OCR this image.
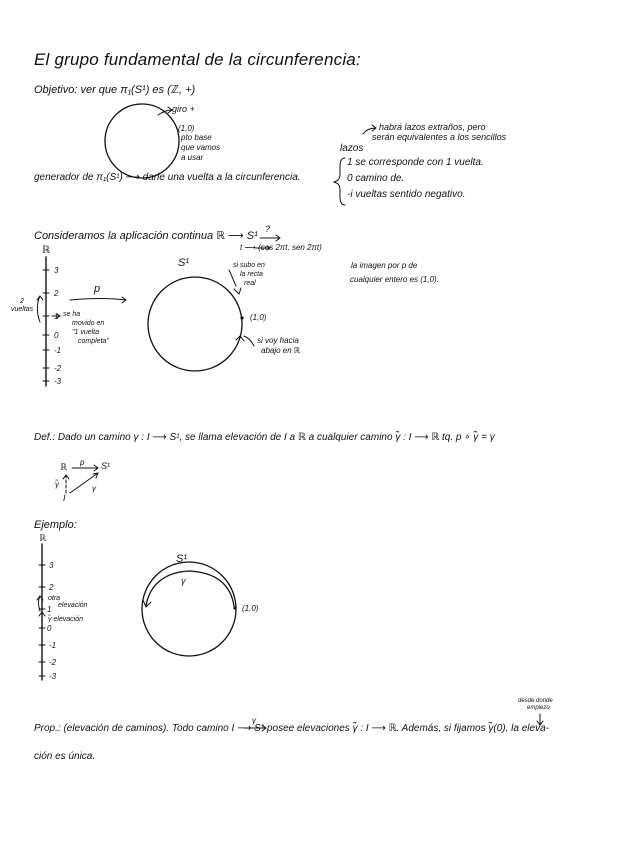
El grupo fundamental de la circunferencia:
Objetivo: ver que π₁(S¹) es (ℤ, +)
giro +
(1,0)
pto base
que vamos
a usar
generador de π₁(S¹) ⟶ darle una vuelta a la circunferencia.
habrá lazos extraños, pero
serán equivalentes a los sencillos
lazos
1 se corresponde con 1 vuelta.
0 camino de.
-i vueltas sentido negativo.
Consideramos la aplicación continua ℝ ⟶ S¹
?
t ⟶ (cos 2πt, sen 2πt)
ℝ
3
2
1
0
-1
-2
-3
2
vueltas
se ha
movido en
"1 vuelta
completa"
p
S¹	si subo en
la recta
real
(1,0)
si voy hacia
abajo en ℝ
la imagen por p de
cualquier entero es (1,0).
Def.: Dado un camino γ : I ⟶ S¹, se llama elevación de I a ℝ a cualquier camino γ̃ : I ⟶ ℝ tq. p ∘ γ̃ = γ
ℝ p S¹
γ̃	γ
I
Ejemplo:
ℝ
3
2
1
0
-1
-2
-3
otra
elevación
γ̃ elevación
S¹
γ
(1,0)
desde donde
empiezo
γ
Prop.: (elevación de caminos). Todo camino I ⟶ S¹ posee elevaciones γ̃ : I ⟶ ℝ. Además, si fijamos γ̃(0), la eleva-
ción es única.
